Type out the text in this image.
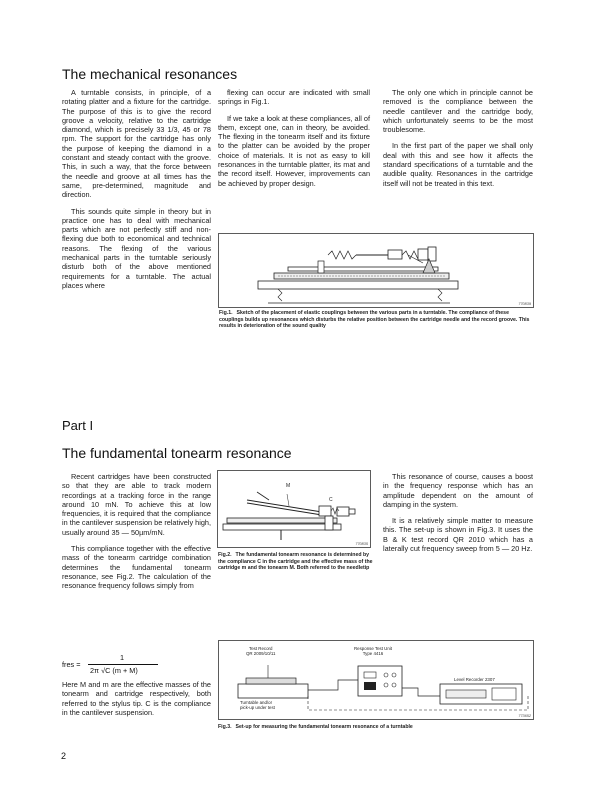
The mechanical resonances

A turntable consists, in principle, of a rotating platter and a fixture for the cartridge. The purpose of this is to give the record groove a velocity, relative to the cartridge diamond, which is precisely 33 1/3, 45 or 78 rpm. The support for the cartridge has only the purpose of keeping the diamond in a constant and steady contact with the groove. This, in such a way, that the force between the needle and groove at all times has the same, pre-determined, magnitude and direction.

This sounds quite simple in theory but in practice one has to deal with mechanical parts which are not perfectly stiff and non-flexing due both to economical and technical reasons. The flexing of the various mechanical parts in the turntable seriously disturb both of the above mentioned requirements for a turntable. The actual places where

flexing can occur are indicated with small springs in Fig.1.

If we take a look at these compliances, all of them, except one, can in theory, be avoided. The flexing in the tonearm itself and its fixture to the platter can be avoided by the proper choice of materials. It is not as easy to kill resonances in the turntable platter, its mat and the record itself. However, improvements can be achieved by proper design.

The only one which in principle cannot be removed is the compliance between the needle cantilever and the cartridge body, which unfortunately seems to be the most troublesome.

In the first part of the paper we shall only deal with this and see how it affects the standard specifications of a turntable and the audible quality. Resonances in the cartridge itself will not be treated in this text.

770839
Fig.1. Sketch of the placement of elastic couplings between the various parts in a turntable. The compliance of these couplings builds up resonances which disturbs the relative position between the cartridge needle and the record groove. This results in deterioration of the sound quality
Part I
The fundamental tonearm resonance

Recent cartridges have been constructed so that they are able to track modern recordings at a tracking force in the range around 10 mN. To achieve this at low frequencies, it is required that the compliance in the cantilever suspension be relatively high, usually around 35 — 50µm/mN.

This compliance together with the effective mass of the tonearm cartridge combination determines the fundamental tonearm resonance, see Fig.2. The calculation of the resonance frequency follows simply from

fres =
1
2π √C (m + M)

Here M and m are the effective masses of the tonearm and cartridge respectively, both referred to the stylus tip. C is the compliance in the cantilever suspension.

M
C
770835
Fig.2. The fundamental tonearm resonance is determined by the compliance C in the cartridge and the effective mass of the cartridge m and the tonearm M. Both referred to the needletip

This resonance of course, causes a boost in the frequency response which has an amplitude dependent on the amount of damping in the system.

It is a relatively simple matter to measure this. The set-up is shown in Fig.3. It uses the B & K test record QR 2010 which has a laterally cut frequency sweep from 5 — 20 Hz.

Test Record
QR 2009/10/11
Response Test Unit
Type 4416
Turntable and/or
pick-up under test
Level Recorder 2307
773652
Fig.3. Set-up for measuring the fundamental tonearm resonance of a turntable
2
